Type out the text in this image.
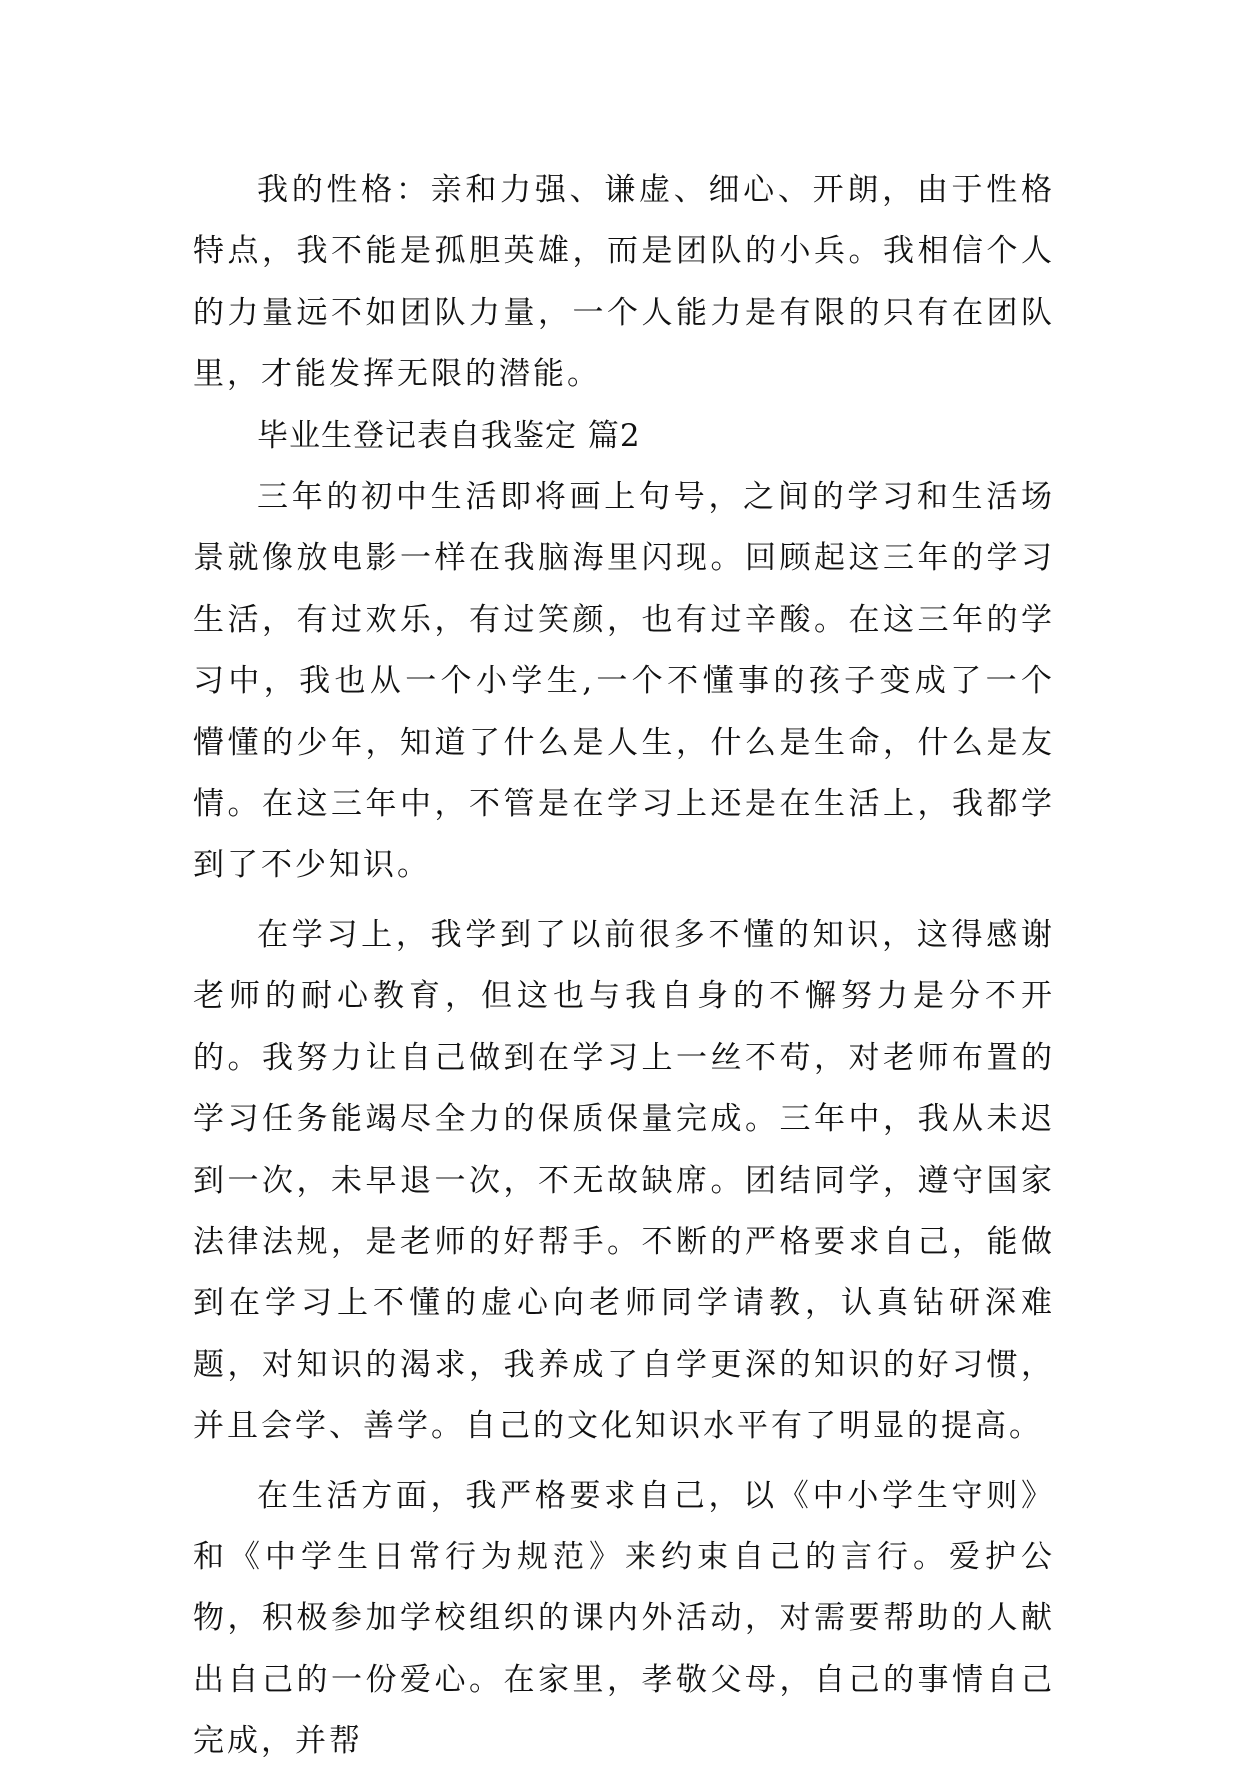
我的性格：亲和力强、谦虚、细心、开朗，由于性格特点，我不能是孤胆英雄，而是团队的小兵。我相信个人的力量远不如团队力量，一个人能力是有限的只有在团队里，才能发挥无限的潜能。

毕业生登记表自我鉴定 篇2

三年的初中生活即将画上句号，之间的学习和生活场景就像放电影一样在我脑海里闪现。回顾起这三年的学习生活，有过欢乐，有过笑颜，也有过辛酸。在这三年的学习中，我也从一个小学生,一个不懂事的孩子变成了一个懵懂的少年，知道了什么是人生，什么是生命，什么是友情。在这三年中，不管是在学习上还是在生活上，我都学到了不少知识。

在学习上，我学到了以前很多不懂的知识，这得感谢老师的耐心教育，但这也与我自身的不懈努力是分不开的。我努力让自己做到在学习上一丝不苟，对老师布置的学习任务能竭尽全力的保质保量完成。三年中，我从未迟到一次，未早退一次，不无故缺席。团结同学，遵守国家法律法规，是老师的好帮手。不断的严格要求自己，能做到在学习上不懂的虚心向老师同学请教，认真钻研深难题，对知识的渴求，我养成了自学更深的知识的好习惯，并且会学、善学。自己的文化知识水平有了明显的提高。

在生活方面，我严格要求自己，以《中小学生守则》和《中学生日常行为规范》来约束自己的言行。爱护公物，积极参加学校组织的课内外活动，对需要帮助的人献出自己的一份爱心。在家里，孝敬父母，自己的事情自己完成，并帮
